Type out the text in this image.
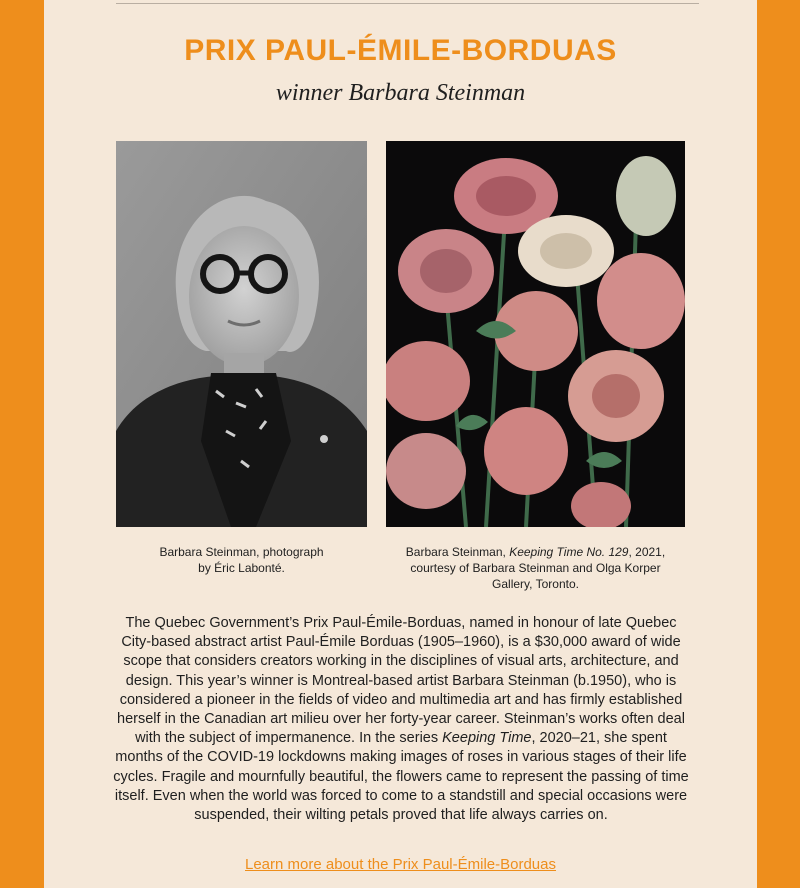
PRIX PAUL-ÉMILE-BORDUAS
winner Barbara Steinman
Barbara Steinman, photograph
by Éric Labonté.
Barbara Steinman, Keeping Time No. 129, 2021,
courtesy of Barbara Steinman and Olga Korper
Gallery, Toronto.
The Quebec Government’s Prix Paul-Émile-Borduas, named in honour of late Quebec City-based abstract artist Paul-Émile Borduas (1905–1960), is a $30,000 award of wide scope that considers creators working in the disciplines of visual arts, architecture, and design. This year’s winner is Montreal-based artist Barbara Steinman (b.1950), who is considered a pioneer in the fields of video and multimedia art and has firmly established herself in the Canadian art milieu over her forty-year career. Steinman’s works often deal with the subject of impermanence. In the series Keeping Time, 2020–21, she spent months of the COVID-19 lockdowns making images of roses in various stages of their life cycles. Fragile and mournfully beautiful, the flowers came to represent the passing of time itself. Even when the world was forced to come to a standstill and special occasions were suspended, their wilting petals proved that life always carries on.
Learn more about the Prix Paul-Émile-Borduas
